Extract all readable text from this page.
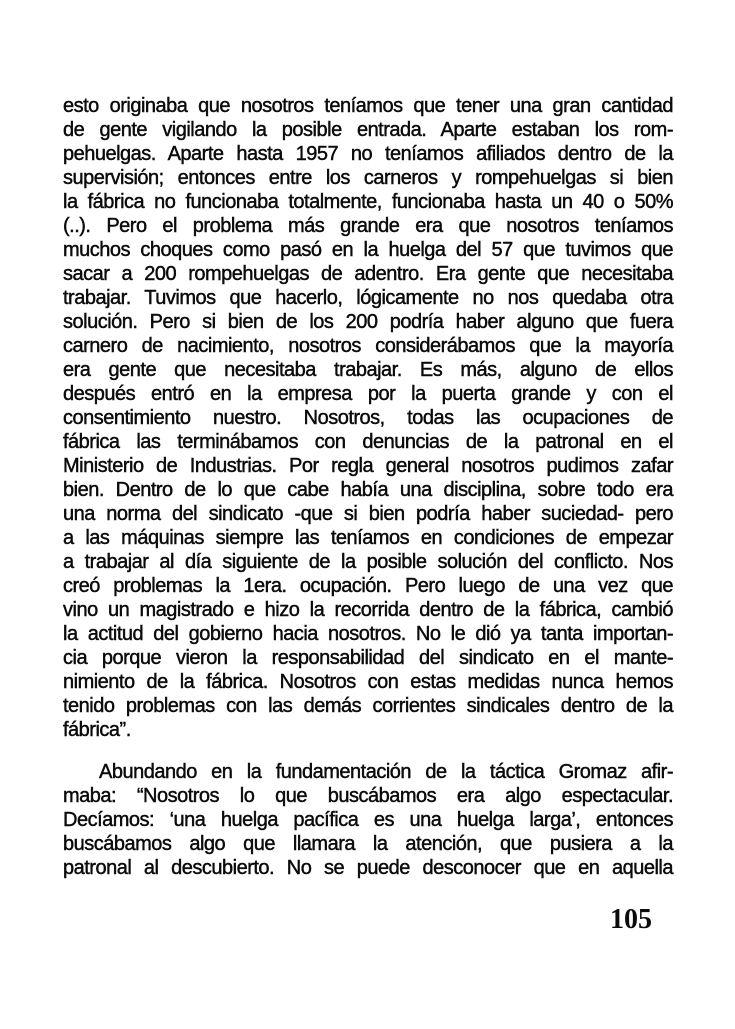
esto originaba que nosotros teníamos que tener una gran cantidad
de gente vigilando la posible entrada. Aparte estaban los rom-
pehuelgas. Aparte hasta 1957 no teníamos afiliados dentro de la
supervisión; entonces entre los carneros y rompehuelgas si bien
la fábrica no funcionaba totalmente, funcionaba hasta un 40 o 50%
(..). Pero el problema más grande era que nosotros teníamos
muchos choques como pasó en la huelga del 57 que tuvimos que
sacar a 200 rompehuelgas de adentro. Era gente que necesitaba
trabajar. Tuvimos que hacerlo, lógicamente no nos quedaba otra
solución. Pero si bien de los 200 podría haber alguno que fuera
carnero de nacimiento, nosotros considerábamos que la mayoría
era gente que necesitaba trabajar. Es más, alguno de ellos
después entró en la empresa por la puerta grande y con el
consentimiento nuestro. Nosotros, todas las ocupaciones de
fábrica las terminábamos con denuncias de la patronal en el
Ministerio de Industrias. Por regla general nosotros pudimos zafar
bien. Dentro de lo que cabe había una disciplina, sobre todo era
una norma del sindicato -que si bien podría haber suciedad- pero
a las máquinas siempre las teníamos en condiciones de empezar
a trabajar al día siguiente de la posible solución del conflicto. Nos
creó problemas la 1era. ocupación. Pero luego de una vez que
vino un magistrado e hizo la recorrida dentro de la fábrica, cambió
la actitud del gobierno hacia nosotros. No le dió ya tanta importan-
cia porque vieron la responsabilidad del sindicato en el mante-
nimiento de la fábrica. Nosotros con estas medidas nunca hemos
tenido problemas con las demás corrientes sindicales dentro de la
fábrica”.
Abundando en la fundamentación de la táctica Gromaz afir-
maba: “Nosotros lo que buscábamos era algo espectacular.
Decíamos: ‘una huelga pacífica es una huelga larga’, entonces
buscábamos algo que llamara la atención, que pusiera a la
patronal al descubierto. No se puede desconocer que en aquella
105
